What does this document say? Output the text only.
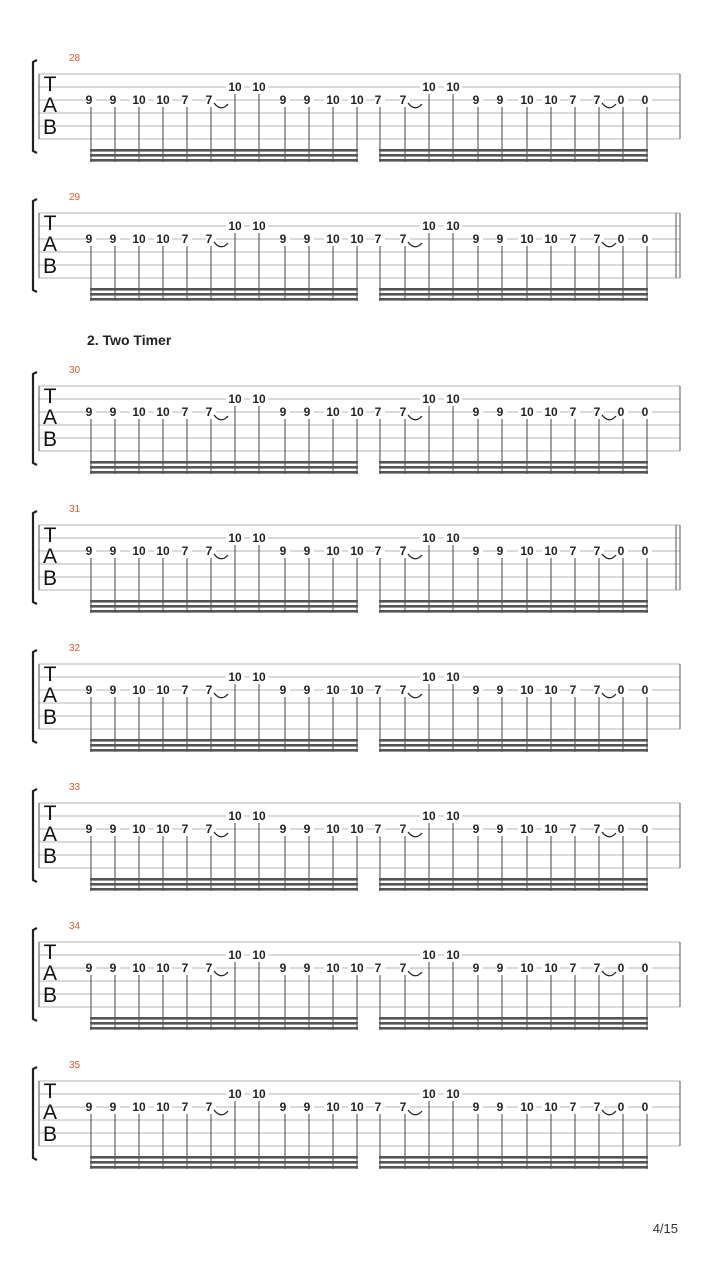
2. Two Timer
28
T
A
B
9 9 10 10 7 7
10 10
9 9 10 10 7 7
10 10
9 9 10 10 7 7 0 0
29
T
A
B
9 9 10 10 7 7
10 10
9 9 10 10 7 7
10 10
9 9 10 10 7 7 0 0
30
T
A
B
9 9 10 10 7 7
10 10
9 9 10 10 7 7
10 10
9 9 10 10 7 7 0 0
31
T
A
B
9 9 10 10 7 7
10 10
9 9 10 10 7 7
10 10
9 9 10 10 7 7 0 0
32
T
A
B
9 9 10 10 7 7
10 10
9 9 10 10 7 7
10 10
9 9 10 10 7 7 0 0
33
T
A
B
9 9 10 10 7 7
10 10
9 9 10 10 7 7
10 10
9 9 10 10 7 7 0 0
34
T
A
B
9 9 10 10 7 7
10 10
9 9 10 10 7 7
10 10
9 9 10 10 7 7 0 0
35
T
A
B
9 9 10 10 7 7
10 10
9 9 10 10 7 7
10 10
9 9 10 10 7 7 0 0
4/15
